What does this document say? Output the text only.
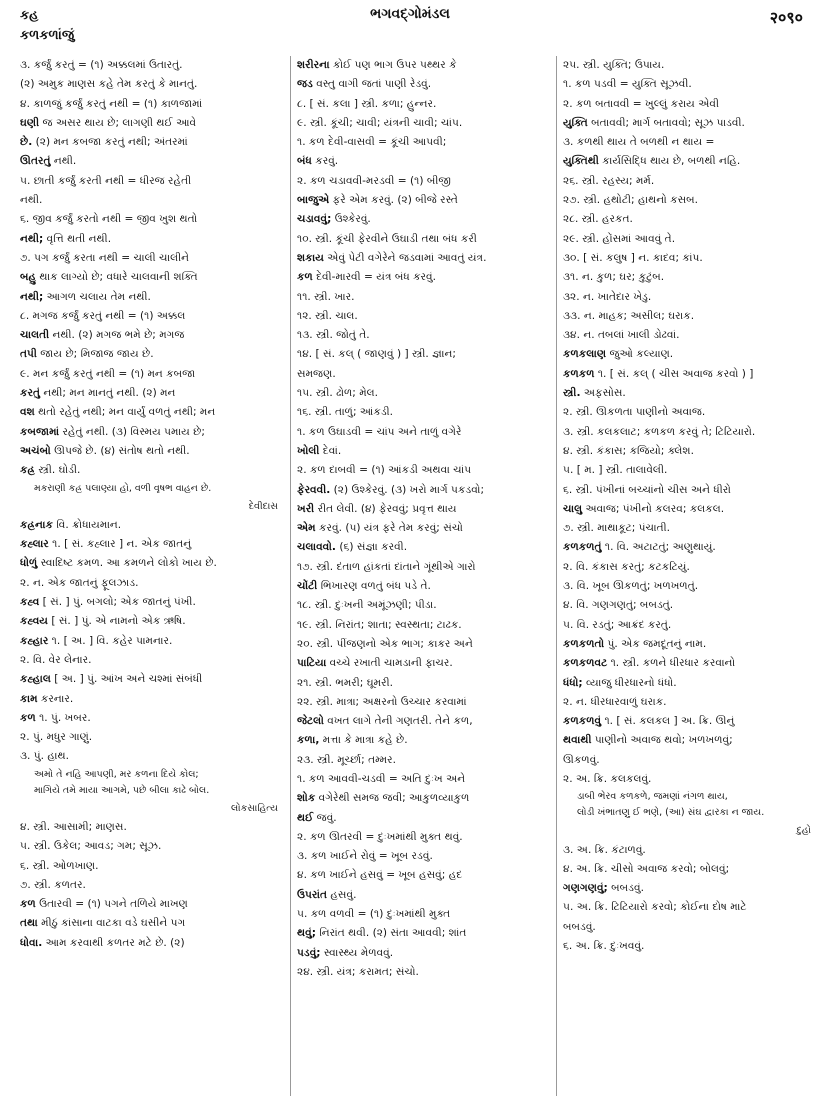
કહ	ભગવદ્ગોમંડલ	२०९०
કળકળાંજું
૩. કર્જું કરતું = (૧) અક્કલમાં ઉતારતું.
(૨) અમુક માણસ કહે તેમ કરતું કે માનતું.
૪. કાળજું કર્જું કરતું નથી = (૧) કાળજામાં
ઘણી જ અસર થાય છે; લાગણી થઈ આવે
છે. (૨) મન કબજા કરતું નથી; અંતરમાં
ઊતરતું નથી.
૫. છાતી કર્જું કરતી નથી = ધીરજ રહેતી
નથી.
૬. જીવ કર્જું કરતો નથી = જીવ ખુશ થતો
નથી; વૃત્તિ થતી નથી.
૭. પગ કર્જું કરતા નથી = ચાલી ચાલીને
બહુ થાક લાગ્યો છે; વધારે ચાલવાની શક્તિ
નથી; આગળ ચલાય તેમ નથી.
૮. મગજ કર્જું કરતું નથી = (૧) અક્કલ
ચાલતી નથી. (૨) મગજ ભમે છે; મગજ
તપી જાય છે; મિજાજ જાય છે.
૯. મન કર્જું કરતું નથી = (૧) મન કબજા
કરતું નથી; મન માનતું નથી. (૨) મન
વશ થતો રહેતું નથી; મન વાર્યું વળતું નથી; મન
કબજામાં રહેતું નથી. (૩) વિસ્મય પમાય છે;
અચંબો ઊપજે છે. (૪) સંતોષ થતો નથી.
કહ્ર સ્ત્રી. ઘોડી.
મકરાણી કહ્ર પલાણ્યા હો, વળી વૃષભ વાહન છે.
દેવીદાસ
કહ્રનાક વિ. ક્રોધાયમાન.
કહ્લાર ૧. [ સં. કહ્લાર ] ન. એક જાતનું
ધોળું સ્વાદિષ્ટ કમળ. આ કમળને લોકો ખાય છે.
૨. ન. એક જાતનું ફૂલઝાડ.
કહ્વ [ સં. ] પું. બગલો; એક જાતનું પંખી.
કહ્વય [ સં. ] પું. એ નામનો એક ઋષિ.
કહ્હાર ૧. [ અ. ] વિ. કહેર પામનાર.
૨. વિ. વેર લેનાર.
કહ્હાલ [ અ. ] પું. આંખ અને ચશ્માં સંબંધી
કામ કરનાર.
કળ ૧. પું. ખબર.
૨. પું. મધુર ગાણું.
૩. પું. હાથ.
અમો તે નહિ આપણી, મર કળના દિયે કોલ;
માગિયે તમે માયા આગમે, પછે બીલા કાઢે બોલ.
લોકસાહિત્ય
૪. સ્ત્રી. આસામી; માણસ.
૫. સ્ત્રી. ઉકેલ; આવડ; ગમ; સૂઝ.
૬. સ્ત્રી. ઓળખાણ.
૭. સ્ત્રી. કળતર.
કળ ઉતારવી = (૧) પગને તળિયે માખણ
તથા મીઠું કાંસાના વાટકા વડે ઘસીને પગ
ધોવા. આમ કરવાથી કળતર મટે છે. (૨)
શરીરના કોઈ પણ ભાગ ઉપર પથ્થર કે
જડ વસ્તુ વાગી જતાં પાણી રેડવું.
૮. [ સં. કલા ] સ્ત્રી. કળા; હુન્નર.
૯. સ્ત્રી. કૂંચી; ચાવી; યંત્રની ચાવી; ચાંપ.
૧. કળ દેવી-વાસવી = કૂંચી આપવી;
બંધ કરવું.
૨. કળ ચડાવવી-મરડવી = (૧) બીજી
બાજુએ ફરે એમ કરવું. (૨) બીજે રસ્તે
ચડાવવું; ઉશ્કેરવું.
૧૦. સ્ત્રી. કૂંચી ફેરવીને ઉઘાડી તથા બંધ કરી
શકાય એવું પેટી વગેરેને જડવામાં આવતું યંત્ર.
કળ દેવી-મારવી = યંત્ર બંધ કરવું.
૧૧. સ્ત્રી. ખાર.
૧૨. સ્ત્રી. ચાલ.
૧૩. સ્ત્રી. જોતું તે.
૧૪. [ સં. કલ્ ( જાણવું ) ] સ્ત્રી. જ્ઞાન;
સમજણ.
૧૫. સ્ત્રી. ઢોળ; મેલ.
૧૬. સ્ત્રી. તાળું; આંકડી.
૧. કળ ઉઘાડવી = ચાંપ અને તાળું વગેરે
ખોલી દેવાં.
૨. કળ દાબવી = (૧) આંકડી અથવા ચાંપ
ફેરવવી. (૨) ઉશ્કેરવું. (૩) ખરો માર્ગ પકડવો;
ખરી રીત લેવી. (૪) ફેરવવું; પ્રવૃત્ત થાય
એમ કરવું. (૫) યંત્ર ફરે તેમ કરવું; સંચો
ચલાવવો. (૬) સંજ્ઞા કરવી.
૧૭. સ્ત્રી. દંતાળ હાંકતાં દાંતાને ગૂંથીએ ગારો
ચોંટી ભિખારણ વળતું બંધ પડે તે.
૧૮. સ્ત્રી. દુઃખની અમૂંઝણી; પીડા.
૧૯. સ્ત્રી. નિરાંત; શાતા; સ્વસ્થતા; ટાઢક.
૨૦. સ્ત્રી. પીંજણનો એક ભાગ; કાકર અને
પાટિયા વચ્ચે રખાતી ચામડાની ફાચર.
૨૧. સ્ત્રી. ભમરી; ઘૂમરી.
૨૨. સ્ત્રી. માત્રા; અક્ષરનો ઉચ્ચાર કરવામાં
જેટલો વખત લાગે તેની ગણતરી. તેને કળ,
કળા, મત્તા કે માત્રા કહે છે.
૨૩. સ્ત્રી. મૂર્ચ્છા; તમ્મર.
૧. કળ આવવી-ચડવી = અતિ દુઃખ અને
શોક વગેરેથી સમજ જવી; આકુળવ્યાકુળ
થઈ જવું.
૨. કળ ઊતરવી = દુઃખમાંથી મુક્ત થવું.
૩. કળ ખાઈને રોવું = ખૂબ રડવું.
૪. કળ ખાઈને હસવું = ખૂબ હસવું; હદ
ઉપરાંત હસવું.
૫. કળ વળવી = (૧) દુઃખમાંથી મુક્ત
થવું; નિરાંત થવી. (૨) સંતા આવવી; શાંત
પડવું; સ્વાસ્થ્ય મેળવવું.
૨૪. સ્ત્રી. યંત્ર; કરામત; સંચો.
૨૫. સ્ત્રી. યુક્તિ; ઉપાય.
૧. કળ પડવી = યુક્તિ સૂઝવી.
૨. કળ બતાવવી = ખુલ્લું કરાય એવી
યુક્તિ બતાવવી; માર્ગ બતાવવો; સૂઝ પાડવી.
૩. કળથી થાય તે બળથી ન થાય =
યુક્તિથી કાર્યસિદ્ધિ થાય છે, બળથી નહિ.
૨૬. સ્ત્રી. રહસ્ય; મર્મ.
૨૭. સ્ત્રી. હથોટી; હાથનો કસબ.
૨૮. સ્ત્રી. હરકત.
૨૯. સ્ત્રી. હોંસમાં આવવું તે.
૩૦. [ સં. કલુષ ] ન. કાદવ; કાંપ.
૩૧. ન. કુળ; ઘર; કુટુંબ.
૩૨. ન. ખાતેદાર ખેડુ.
૩૩. ન. માહક; અસીલ; ઘરાક.
૩૪. ન. તબલાં ખાલી ડોઢવાં.
કળકલાણ જુઓ કલ્યાણ.
કળકળ ૧. [ સં. કલ્ ( ચીસ અવાજ કરવો ) ]
સ્ત્રી. અફસોસ.
૨. સ્ત્રી. ઊકળતા પાણીનો અવાજ.
૩. સ્ત્રી. કલકલાટ; કળકળ કરવું તે; ટિટિયારો.
૪. સ્ત્રી. કંકાસ; કજિયો; ક્લેશ.
૫. [ મ. ] સ્ત્રી. તાલાવેલી.
૬. સ્ત્રી. પંખીનાં બચ્ચાંનો ચીસ અને ધીરો
ચાલુ અવાજ; પંખીનો કલરવ; કલકલ.
૭. સ્ત્રી. માથાકૂટ; પંચાતી.
કળકળતું ૧. વિ. અટાટતું; અણુથાયું.
૨. વિ. કંકાસ કરતું; કટકટિયું.
૩. વિ. ખૂબ ઊકળતું; ખળખળતું.
૪. વિ. ગણગણતું; બબડતું.
૫. વિ. રડતું; આક્રંદ કરતું.
કળકળતો પું. એક જમદૂતનું નામ.
કળકળવટ ૧. સ્ત્રી. કળને ધીરધાર કરવાનો
ધંધો; વ્યાજુ ધીરધારનો ધંધો.
૨. ન. ધીરધારવાળું ઘરાક.
કળકળવું ૧. [ સં. કલકલ ] અ. ક્રિ. ઊનું
થવાથી પાણીનો અવાજ થવો; ખળખળવું;
ઊકળવું.
૨. અ. ક્રિ. કલકલવું.
ડાબી ભેરવ કળકળે, જમણાં નંગળ થાય,
લોડી ખંભાતણુ ઈ ભણે, (આ) સંઘ દ્વારકા ન જાય.
દુહો
૩. અ. ક્રિ. કંટાળવું.
૪. અ. ક્રિ. ચીસો અવાજ કરવો; બોલવું;
ગણગણવું; બબડવું.
૫. અ. ક્રિ. ટિટિયારો કરવો; કોઈના દોષ માટે
બબડવું.
૬. અ. ક્રિ. દુઃખવવું.
